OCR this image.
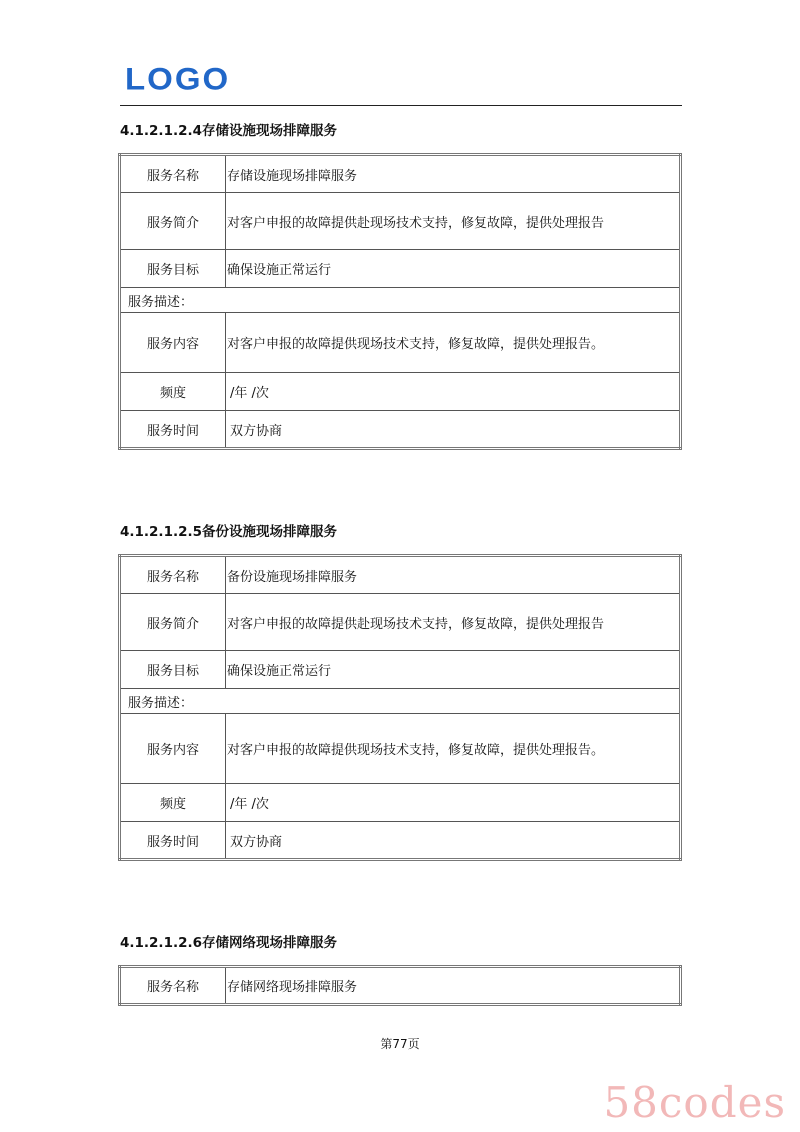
LOGO
4.1.2.1.2.4存储设施现场排障服务
服务名称	存储设施现场排障服务
服务简介	对客户申报的故障提供赴现场技术支持，修复故障，提供处理报告
服务目标	确保设施正常运行
服务描述：	
服务内容	对客户申报的故障提供现场技术支持，修复故障，提供处理报告。
频度	/年 /次
服务时间	双方协商
4.1.2.1.2.5备份设施现场排障服务
服务名称	备份设施现场排障服务
服务简介	对客户申报的故障提供赴现场技术支持，修复故障，提供处理报告
服务目标	确保设施正常运行
服务描述：	
服务内容	对客户申报的故障提供现场技术支持，修复故障，提供处理报告。
频度	/年 /次
服务时间	双方协商
4.1.2.1.2.6存储网络现场排障服务
服务名称	存储网络现场排障服务
第77页
58codes
